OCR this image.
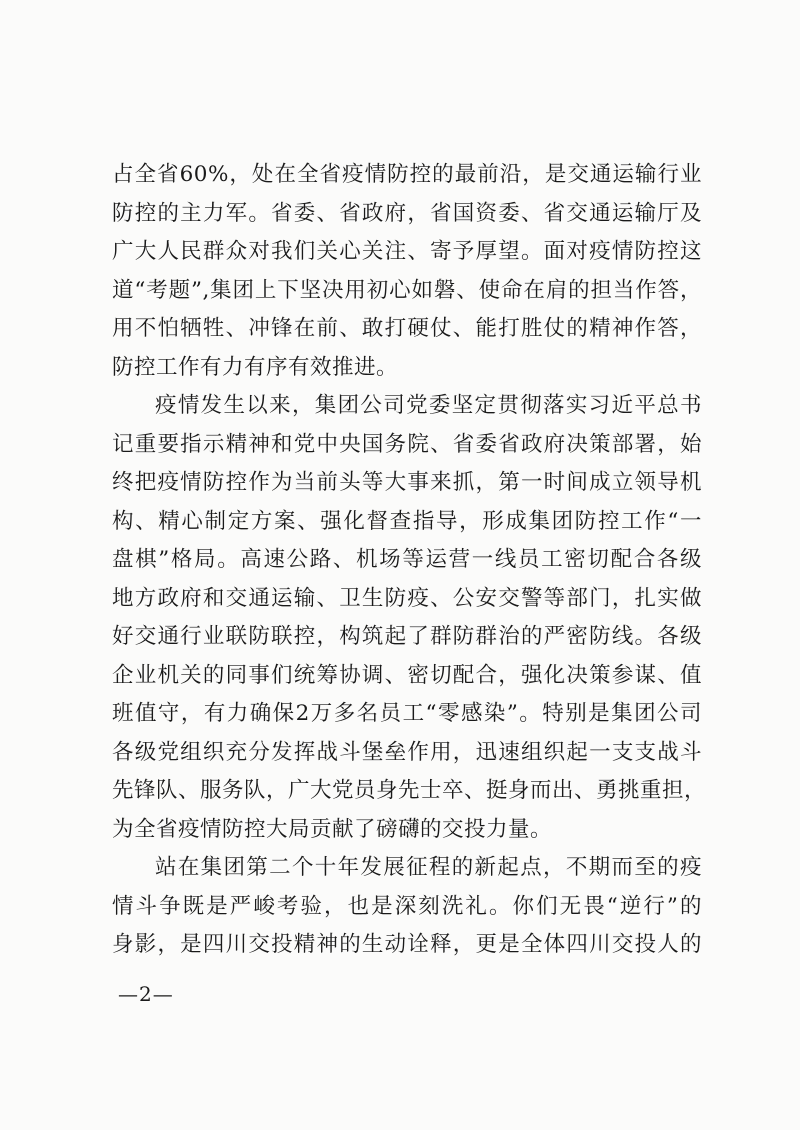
占全省60%，处在全省疫情防控的最前沿，是交通运输行业
防控的主力军。省委、省政府，省国资委、省交通运输厅及
广大人民群众对我们关心关注、寄予厚望。面对疫情防控这
道“考题”,集团上下坚决用初心如磐、使命在肩的担当作答，
用不怕牺牲、冲锋在前、敢打硬仗、能打胜仗的精神作答，
防控工作有力有序有效推进。
疫情发生以来，集团公司党委坚定贯彻落实习近平总书
记重要指示精神和党中央国务院、省委省政府决策部署，始
终把疫情防控作为当前头等大事来抓，第一时间成立领导机
构、精心制定方案、强化督查指导，形成集团防控工作“一
盘棋”格局。高速公路、机场等运营一线员工密切配合各级
地方政府和交通运输、卫生防疫、公安交警等部门，扎实做
好交通行业联防联控，构筑起了群防群治的严密防线。各级
企业机关的同事们统筹协调、密切配合，强化决策参谋、值
班值守，有力确保2万多名员工“零感染”。特别是集团公司
各级党组织充分发挥战斗堡垒作用，迅速组织起一支支战斗
先锋队、服务队，广大党员身先士卒、挺身而出、勇挑重担，
为全省疫情防控大局贡献了磅礴的交投力量。
站在集团第二个十年发展征程的新起点，不期而至的疫
情斗争既是严峻考验，也是深刻洗礼。你们无畏“逆行”的
身影，是四川交投精神的生动诠释，更是全体四川交投人的
—2—
